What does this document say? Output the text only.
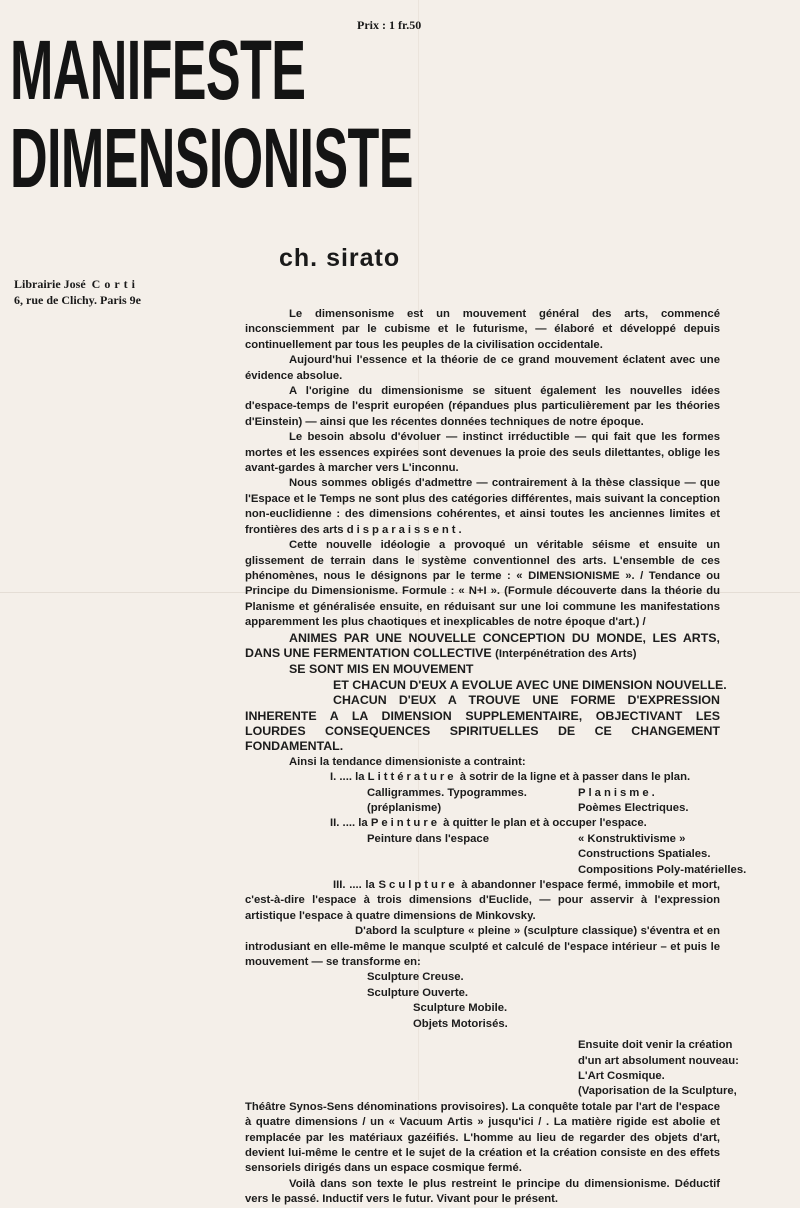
Prix : 1 fr.50
MANIFESTE
DIMENSIONISTE
ch. sirato
Librairie José Corti
6, rue de Clichy. Paris 9e

Le dimensonisme est un mouvement général des arts, commencé inconsciemment par le cubisme et le futurisme, — élaboré et développé depuis continuellement par tous les peuples de la civilisation occidentale.

Aujourd'hui l'essence et la théorie de ce grand mouvement éclatent avec une évidence absolue.

A l'origine du dimensionisme se situent également les nouvelles idées d'espace-temps de l'esprit européen (répandues plus particulièrement par les théories d'Einstein) — ainsi que les récentes données techniques de notre époque.

Le besoin absolu d'évoluer — instinct irréductible — qui fait que les formes mortes et les essences expirées sont devenues la proie des seuls dilettantes, oblige les avant-gardes à marcher vers L'inconnu.

Nous sommes obligés d'admettre — contrairement à la thèse classique — que l'Espace et le Temps ne sont plus des catégories différentes, mais suivant la conception non-euclidienne : des dimensions cohérentes, et ainsi toutes les anciennes limites et frontières des arts disparaissent.

Cette nouvelle idéologie a provoqué un véritable séisme et ensuite un glissement de terrain dans le système conventionnel des arts. L'ensemble de ces phénomènes, nous le désignons par le terme : « DIMENSIONISME ». / Tendance ou Principe du Dimensionisme. Formule : « N+I ». (Formule découverte dans la théorie du Planisme et généralisée ensuite, en réduisant sur une loi commune les manifestations apparemment les plus chaotiques et inexplicables de notre époque d'art.) /

ANIMES PAR UNE NOUVELLE CONCEPTION DU MONDE, LES ARTS, DANS UNE FERMENTATION COLLECTIVE (Interpénétration des Arts)

SE SONT MIS EN MOUVEMENT
ET CHACUN D'EUX A EVOLUE AVEC UNE DIMENSION NOUVELLE.

CHACUN D'EUX A TROUVE UNE FORME D'EXPRESSION INHERENTE A LA DIMENSION SUPPLEMENTAIRE, OBJECTIVANT LES LOURDES CONSEQUENCES SPIRITUELLES DE CE CHANGEMENT FONDAMENTAL.

Ainsi la tendance dimensioniste a contraint:

I. .... la Littérature à sotrir de la ligne et à passer dans le plan.
Calligrammes. Typogrammes.	Planisme.
(préplanisme)	Poèmes Electriques.
II. .... la Peinture à quitter le plan et à occuper l'espace.
Peinture dans l'espace	« Konstruktivisme »
Constructions Spatiales.
Compositions Poly-matérielles.

III. .... la Sculpture à abandonner l'espace fermé, immobile et mort, c'est-à-dire l'espace à trois dimensions d'Euclide, — pour asservir à l'expression artistique l'espace à quatre dimensions de Minkovsky.

D'abord la sculpture « pleine » (sculpture classique) s'éventra et en introdusiant en elle-même le manque sculpté et calculé de l'espace intérieur – et puis le mouvement — se transforme en:

Sculpture Creuse.
Sculpture Ouverte.
Sculpture Mobile.
Objets Motorisés.
Ensuite doit venir la création
d'un art absolument nouveau:
L'Art Cosmique.
(Vaporisation de la Sculpture,

Théâtre Synos-Sens dénominations provisoires). La conquête totale par l'art de l'espace à quatre dimensions / un « Vacuum Artis » jusqu'ici / . La matière rigide est abolie et remplacée par les matériaux gazéifiés. L'homme au lieu de regarder des objets d'art, devient lui-même le centre et le sujet de la création et la création consiste en des effets sensoriels dirigés dans un espace cosmique fermé.

Voilà dans son texte le plus restreint le principe du dimensionisme. Déductif vers le passé. Inductif vers le futur. Vivant pour le présent.
